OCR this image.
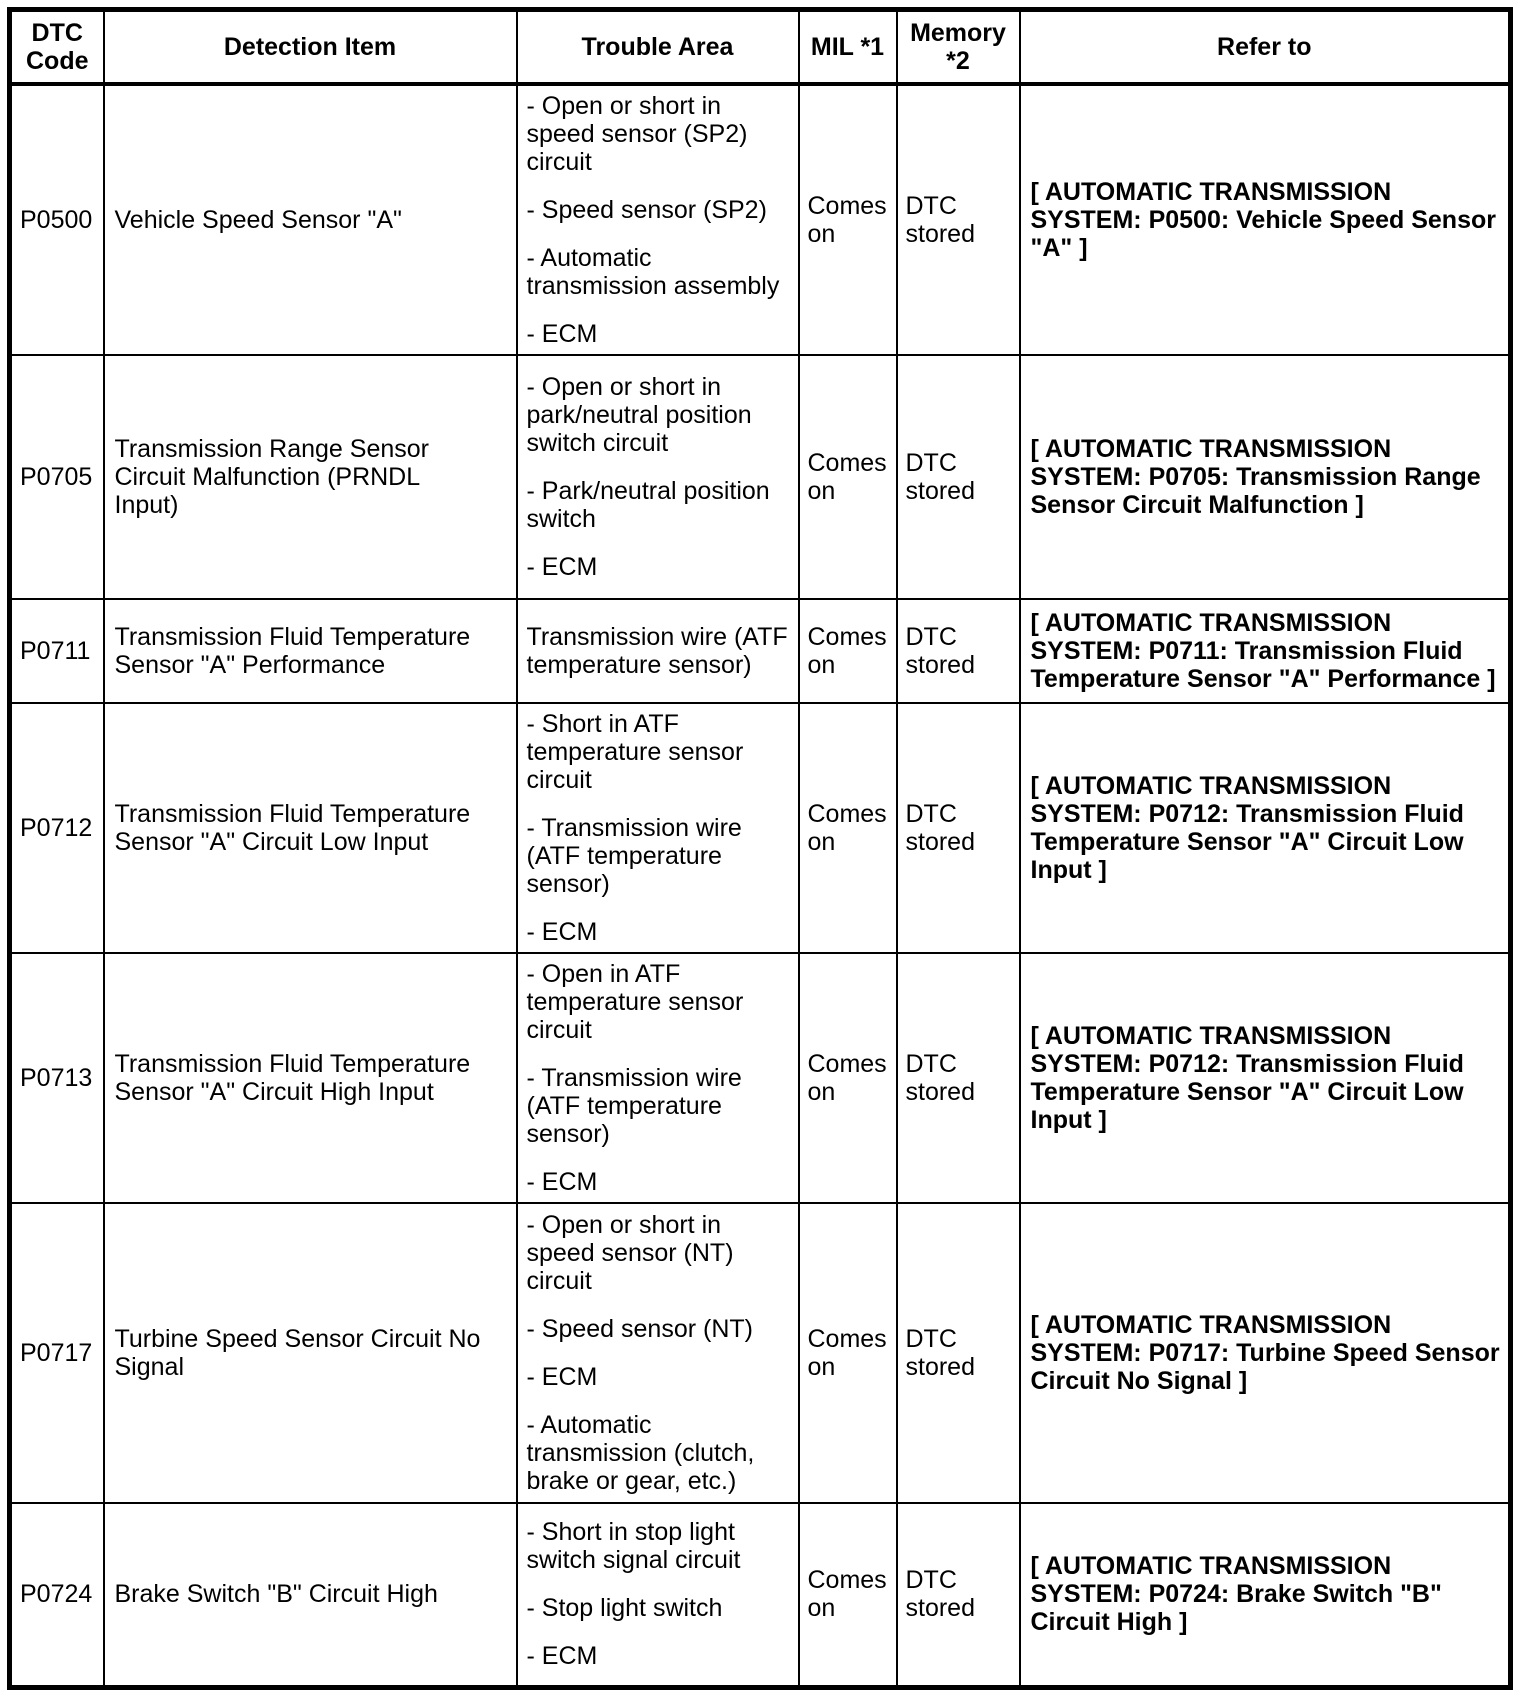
DTC Code	Detection Item	Trouble Area	MIL *1	Memory *2	Refer to
P0500	Vehicle Speed Sensor "A"	- Open or short in speed sensor (SP2) circuit
- Speed sensor (SP2)
- Automatic transmission assembly
- ECM	Comes on	DTC stored	[ AUTOMATIC TRANSMISSION SYSTEM: P0500: Vehicle Speed Sensor "A" ]
P0705	Transmission Range Sensor Circuit Malfunction (PRNDL Input)	- Open or short in park/neutral position switch circuit
- Park/neutral position switch
- ECM	Comes on	DTC stored	[ AUTOMATIC TRANSMISSION SYSTEM: P0705: Transmission Range Sensor Circuit Malfunction ]
P0711	Transmission Fluid Temperature Sensor "A" Performance	Transmission wire (ATF temperature sensor)	Comes on	DTC stored	[ AUTOMATIC TRANSMISSION SYSTEM: P0711: Transmission Fluid Temperature Sensor "A" Performance ]
P0712	Transmission Fluid Temperature Sensor "A" Circuit Low Input	- Short in ATF temperature sensor circuit
- Transmission wire (ATF temperature sensor)
- ECM	Comes on	DTC stored	[ AUTOMATIC TRANSMISSION SYSTEM: P0712: Transmission Fluid Temperature Sensor "A" Circuit Low Input ]
P0713	Transmission Fluid Temperature Sensor "A" Circuit High Input	- Open in ATF temperature sensor circuit
- Transmission wire (ATF temperature sensor)
- ECM	Comes on	DTC stored	[ AUTOMATIC TRANSMISSION SYSTEM: P0712: Transmission Fluid Temperature Sensor "A" Circuit Low Input ]
P0717	Turbine Speed Sensor Circuit No Signal	- Open or short in speed sensor (NT) circuit
- Speed sensor (NT)
- ECM
- Automatic transmission (clutch, brake or gear, etc.)	Comes on	DTC stored	[ AUTOMATIC TRANSMISSION SYSTEM: P0717: Turbine Speed Sensor Circuit No Signal ]
P0724	Brake Switch "B" Circuit High	- Short in stop light switch signal circuit
- Stop light switch
- ECM	Comes on	DTC stored	[ AUTOMATIC TRANSMISSION SYSTEM: P0724: Brake Switch "B" Circuit High ]
